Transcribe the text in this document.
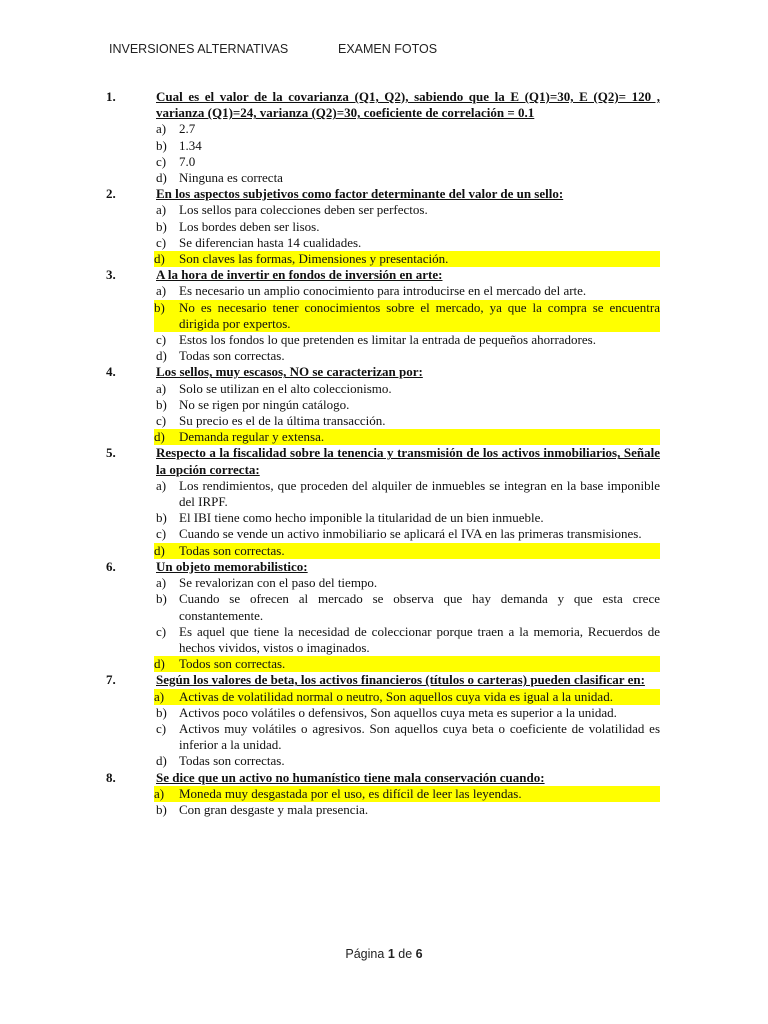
INVERSIONES ALTERNATIVAS	EXAMEN FOTOS
1.	Cual es el valor de la covarianza (Q1, Q2), sabiendo que la E (Q1)=30, E (Q2)= 120 , varianza (Q1)=24, varianza (Q2)=30, coeficiente de correlación = 0.1
a) 2.7
b) 1.34
c) 7.0
d) Ninguna es correcta
2.	En los aspectos subjetivos como factor determinante del valor de un sello:
a) Los sellos para colecciones deben ser perfectos.
b) Los bordes deben ser lisos.
c) Se diferencian hasta 14 cualidades.
d) Son claves las formas, Dimensiones y presentación.
3.	A la hora de invertir en fondos de inversión en arte:
a) Es necesario un amplio conocimiento para introducirse en el mercado del arte.
b) No es necesario tener conocimientos sobre el mercado, ya que la compra se encuentra dirigida por expertos.
c) Estos los fondos lo que pretenden es limitar la entrada de pequeños ahorradores.
d) Todas son correctas.
4.	Los sellos, muy escasos, NO se caracterizan por:
a) Solo se utilizan en el alto coleccionismo.
b) No se rigen por ningún catálogo.
c) Su precio es el de la última transacción.
d) Demanda regular y extensa.
5.	Respecto a la fiscalidad sobre la tenencia y transmisión de los activos inmobiliarios, Señale la opción correcta:
a) Los rendimientos, que proceden del alquiler de inmuebles se integran en la base imponible del IRPF.
b) El IBI tiene como hecho imponible la titularidad de un bien inmueble.
c) Cuando se vende un activo inmobiliario se aplicará el IVA en las primeras transmisiones.
d) Todas son correctas.
6.	Un objeto memorabilistico:
a) Se revalorizan con el paso del tiempo.
b) Cuando se ofrecen al mercado se observa que hay demanda y que esta crece constantemente.
c) Es aquel que tiene la necesidad de coleccionar porque traen a la memoria, Recuerdos de hechos vividos, vistos o imaginados.
d) Todos son correctas.
7.	Según los valores de beta, los activos financieros (títulos o carteras) pueden clasificar en:
a) Activas de volatilidad normal o neutro, Son aquellos cuya vida es igual a la unidad.
b) Activos poco volátiles o defensivos, Son aquellos cuya meta es superior a la unidad.
c) Activos muy volátiles o agresivos. Son aquellos cuya beta o coeficiente de volatilidad es inferior a la unidad.
d) Todas son correctas.
8.	Se dice que un activo no humanístico tiene mala conservación cuando:
a) Moneda muy desgastada por el uso, es difícil de leer las leyendas.
b) Con gran desgaste y mala presencia.
Página 1 de 6
